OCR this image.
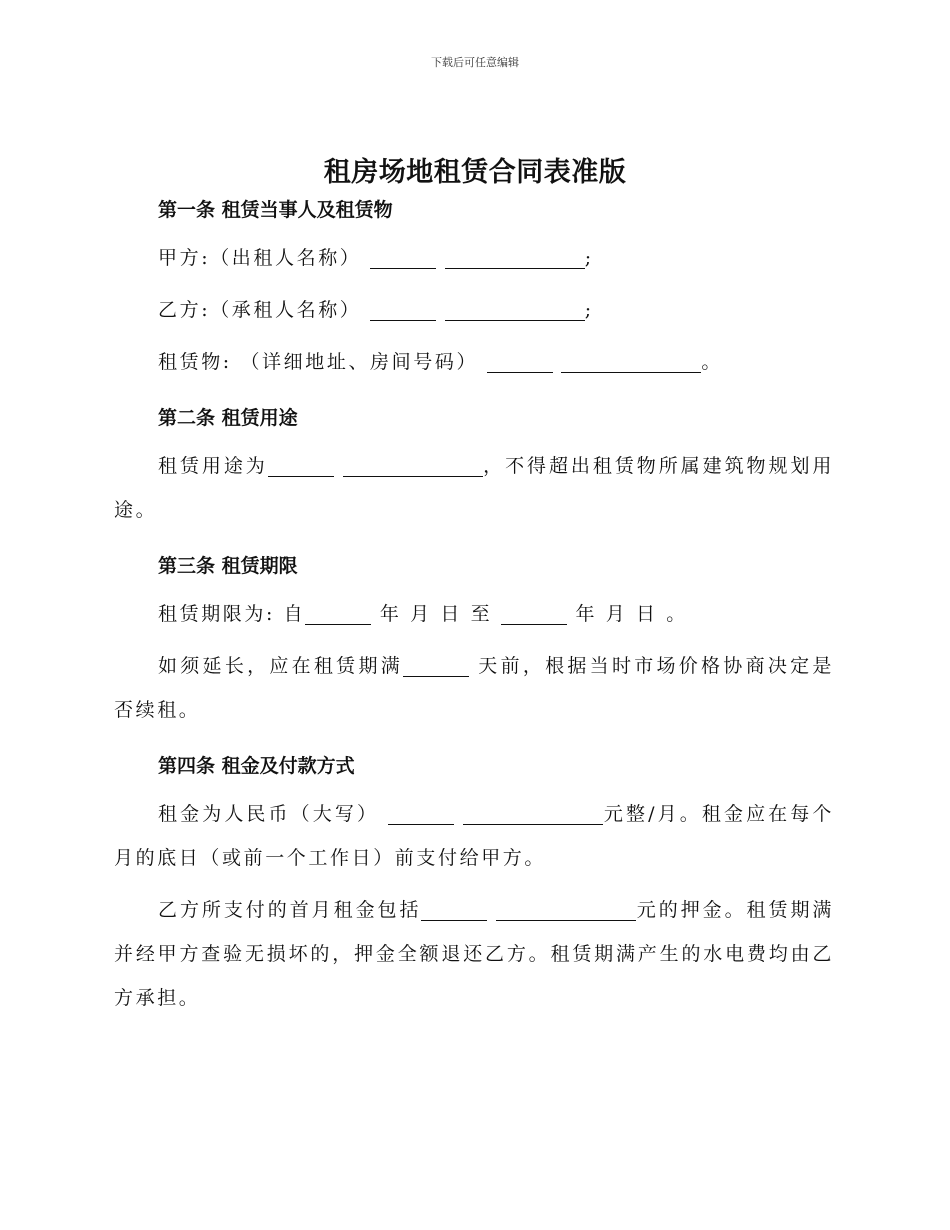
下载后可任意编辑
租房场地租赁合同表准版
第一条 租赁当事人及租赁物
甲方:（出租人名称）	;
乙方:（承租人名称）	;
租赁物: （详细地址、房间号码）	。
第二条 租赁用途
租赁用途为	，不得超出租赁物所属建筑物规划用途。
第三条 租赁期限
租赁期限为: 自	年 月 日 至	年 月 日 。
如须延长，应在租赁期满	天前，根据当时市场价格协商决定是否续租。
第四条 租金及付款方式
租金为人民币（大写）	元整/月。租金应在每个月的底日（或前一个工作日）前支付给甲方。
乙方所支付的首月租金包括	元的押金。租赁期满并经甲方查验无损坏的，押金全额退还乙方。租赁期满产生的水电费均由乙方承担。
